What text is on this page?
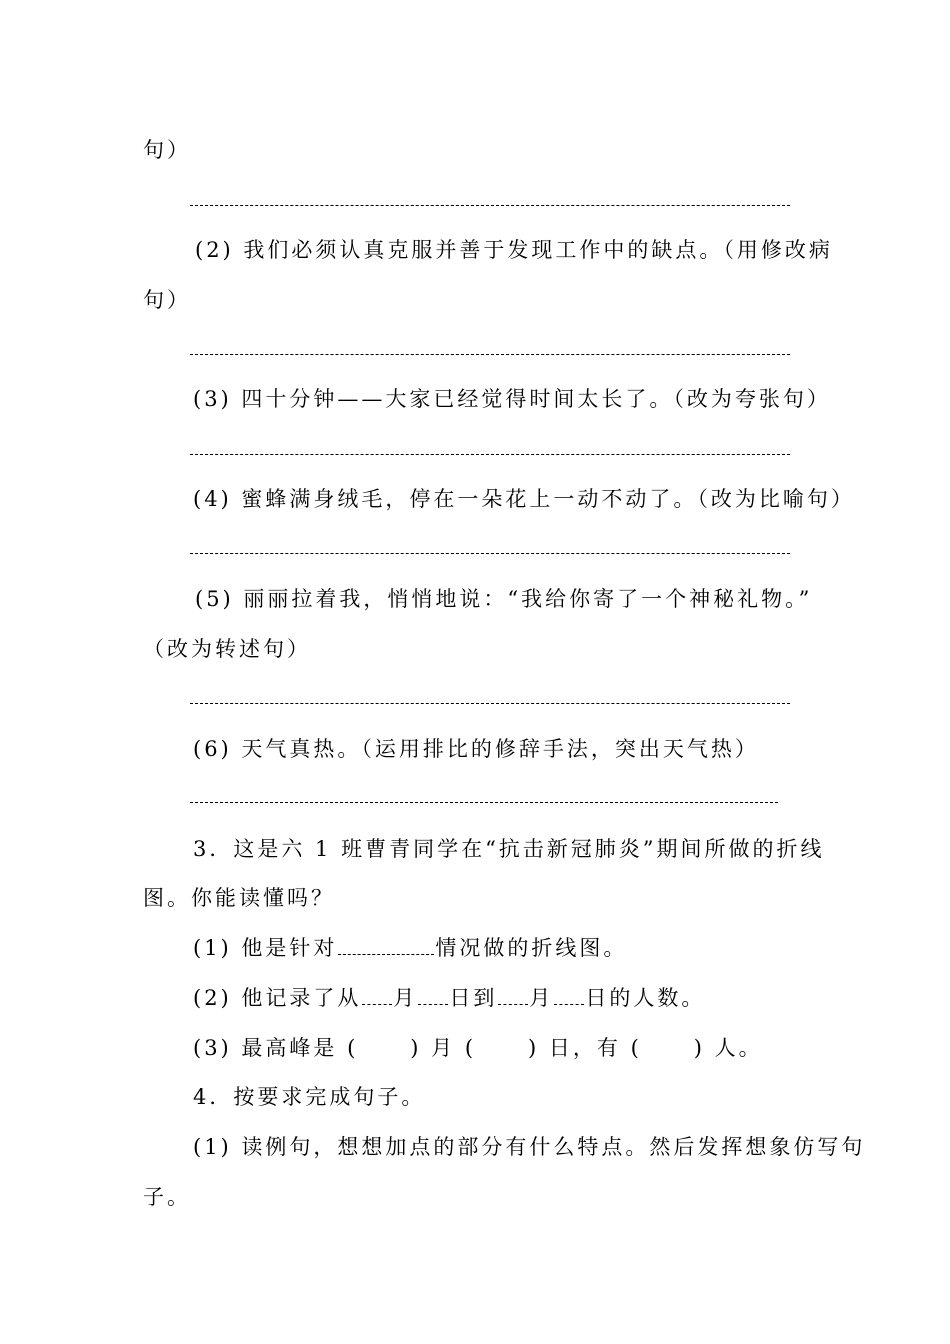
句）
(2) 我们必须认真克服并善于发现工作中的缺点。（用修改病
句）
(3) 四十分钟——大家已经觉得时间太长了。（改为夸张句）
(4) 蜜蜂满身绒毛，停在一朵花上一动不动了。（改为比喻句）
(5) 丽丽拉着我，悄悄地说：“我给你寄了一个神秘礼物。”
（改为转述句）
(6) 天气真热。（运用排比的修辞手法，突出天气热）
3．这是六 1 班曹青同学在“抗击新冠肺炎”期间所做的折线
图。你能读懂吗？
(1) 他是针对	情况做的折线图。
(2) 他记录了从 月 日到 月 日的人数。
(3) 最高峰是 ( ) 月 ( ) 日，有 ( ) 人。
4．按要求完成句子。
(1) 读例句，想想加点的部分有什么特点。然后发挥想象仿写句
子。
